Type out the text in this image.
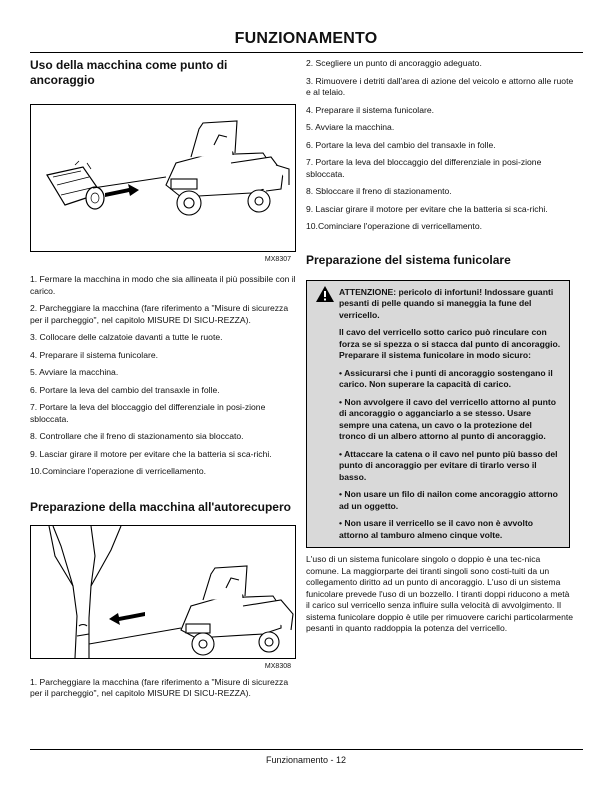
FUNZIONAMENTO
Uso della macchina come punto di ancoraggio
MX8307

1. Fermare la macchina in modo che sia allineata il più possibile con il carico.

2. Parcheggiare la macchina (fare riferimento a "Misure di sicurezza per il parcheggio", nel capitolo MISURE DI SICU-REZZA).

3. Collocare delle calzatoie davanti a tutte le ruote.

4. Preparare il sistema funicolare.

5. Avviare la macchina.

6. Portare la leva del cambio del transaxle in folle.

7. Portare la leva del bloccaggio del differenziale in posi-zione sbloccata.

8. Controllare che il freno di stazionamento sia bloccato.

9. Lasciar girare il motore per evitare che la batteria si sca-richi.

10.Cominciare l'operazione di verricellamento.

Preparazione della macchina all'autorecupero
MX8308

1. Parcheggiare la macchina (fare riferimento a "Misure di sicurezza per il parcheggio", nel capitolo MISURE DI SICU-REZZA).

2. Scegliere un punto di ancoraggio adeguato.

3. Rimuovere i detriti dall'area di azione del veicolo e attorno alle ruote e al telaio.

4. Preparare il sistema funicolare.

5. Avviare la macchina.

6. Portare la leva del cambio del transaxle in folle.

7. Portare la leva del bloccaggio del differenziale in posi-zione sbloccata.

8. Sbloccare il freno di stazionamento.

9. Lasciar girare il motore per evitare che la batteria si sca-richi.

10.Cominciare l'operazione di verricellamento.

Preparazione del sistema funicolare

ATTENZIONE: pericolo di infortuni! Indossare guanti pesanti di pelle quando si maneggia la fune del verricello.

Il cavo del verricello sotto carico può rinculare con forza se si spezza o si stacca dal punto di ancoraggio. Preparare il sistema funicolare in modo sicuro:

• Assicurarsi che i punti di ancoraggio sostengano il carico. Non superare la capacità di carico.

• Non avvolgere il cavo del verricello attorno al punto di ancoraggio o agganciarlo a se stesso. Usare sempre una catena, un cavo o la protezione del tronco di un albero attorno al punto di ancoraggio.

• Attaccare la catena o il cavo nel punto più basso del punto di ancoraggio per evitare di tirarlo verso il basso.

• Non usare un filo di nailon come ancoraggio attorno ad un oggetto.

• Non usare il verricello se il cavo non è avvolto attorno al tamburo almeno cinque volte.

L'uso di un sistema funicolare singolo o doppio è una tec-nica comune. La maggiorparte dei tiranti singoli sono costi-tuiti da un collegamento diritto ad un punto di ancoraggio. L'uso di un sistema funicolare prevede l'uso di un bozzello. I tiranti doppi riducono a metà il carico sul verricello senza influire sulla velocità di avvolgimento. Il sistema funicolare doppio è utile per rimuovere carichi particolarmente pesanti in quanto raddoppia la potenza del verricello.

Funzionamento - 12
